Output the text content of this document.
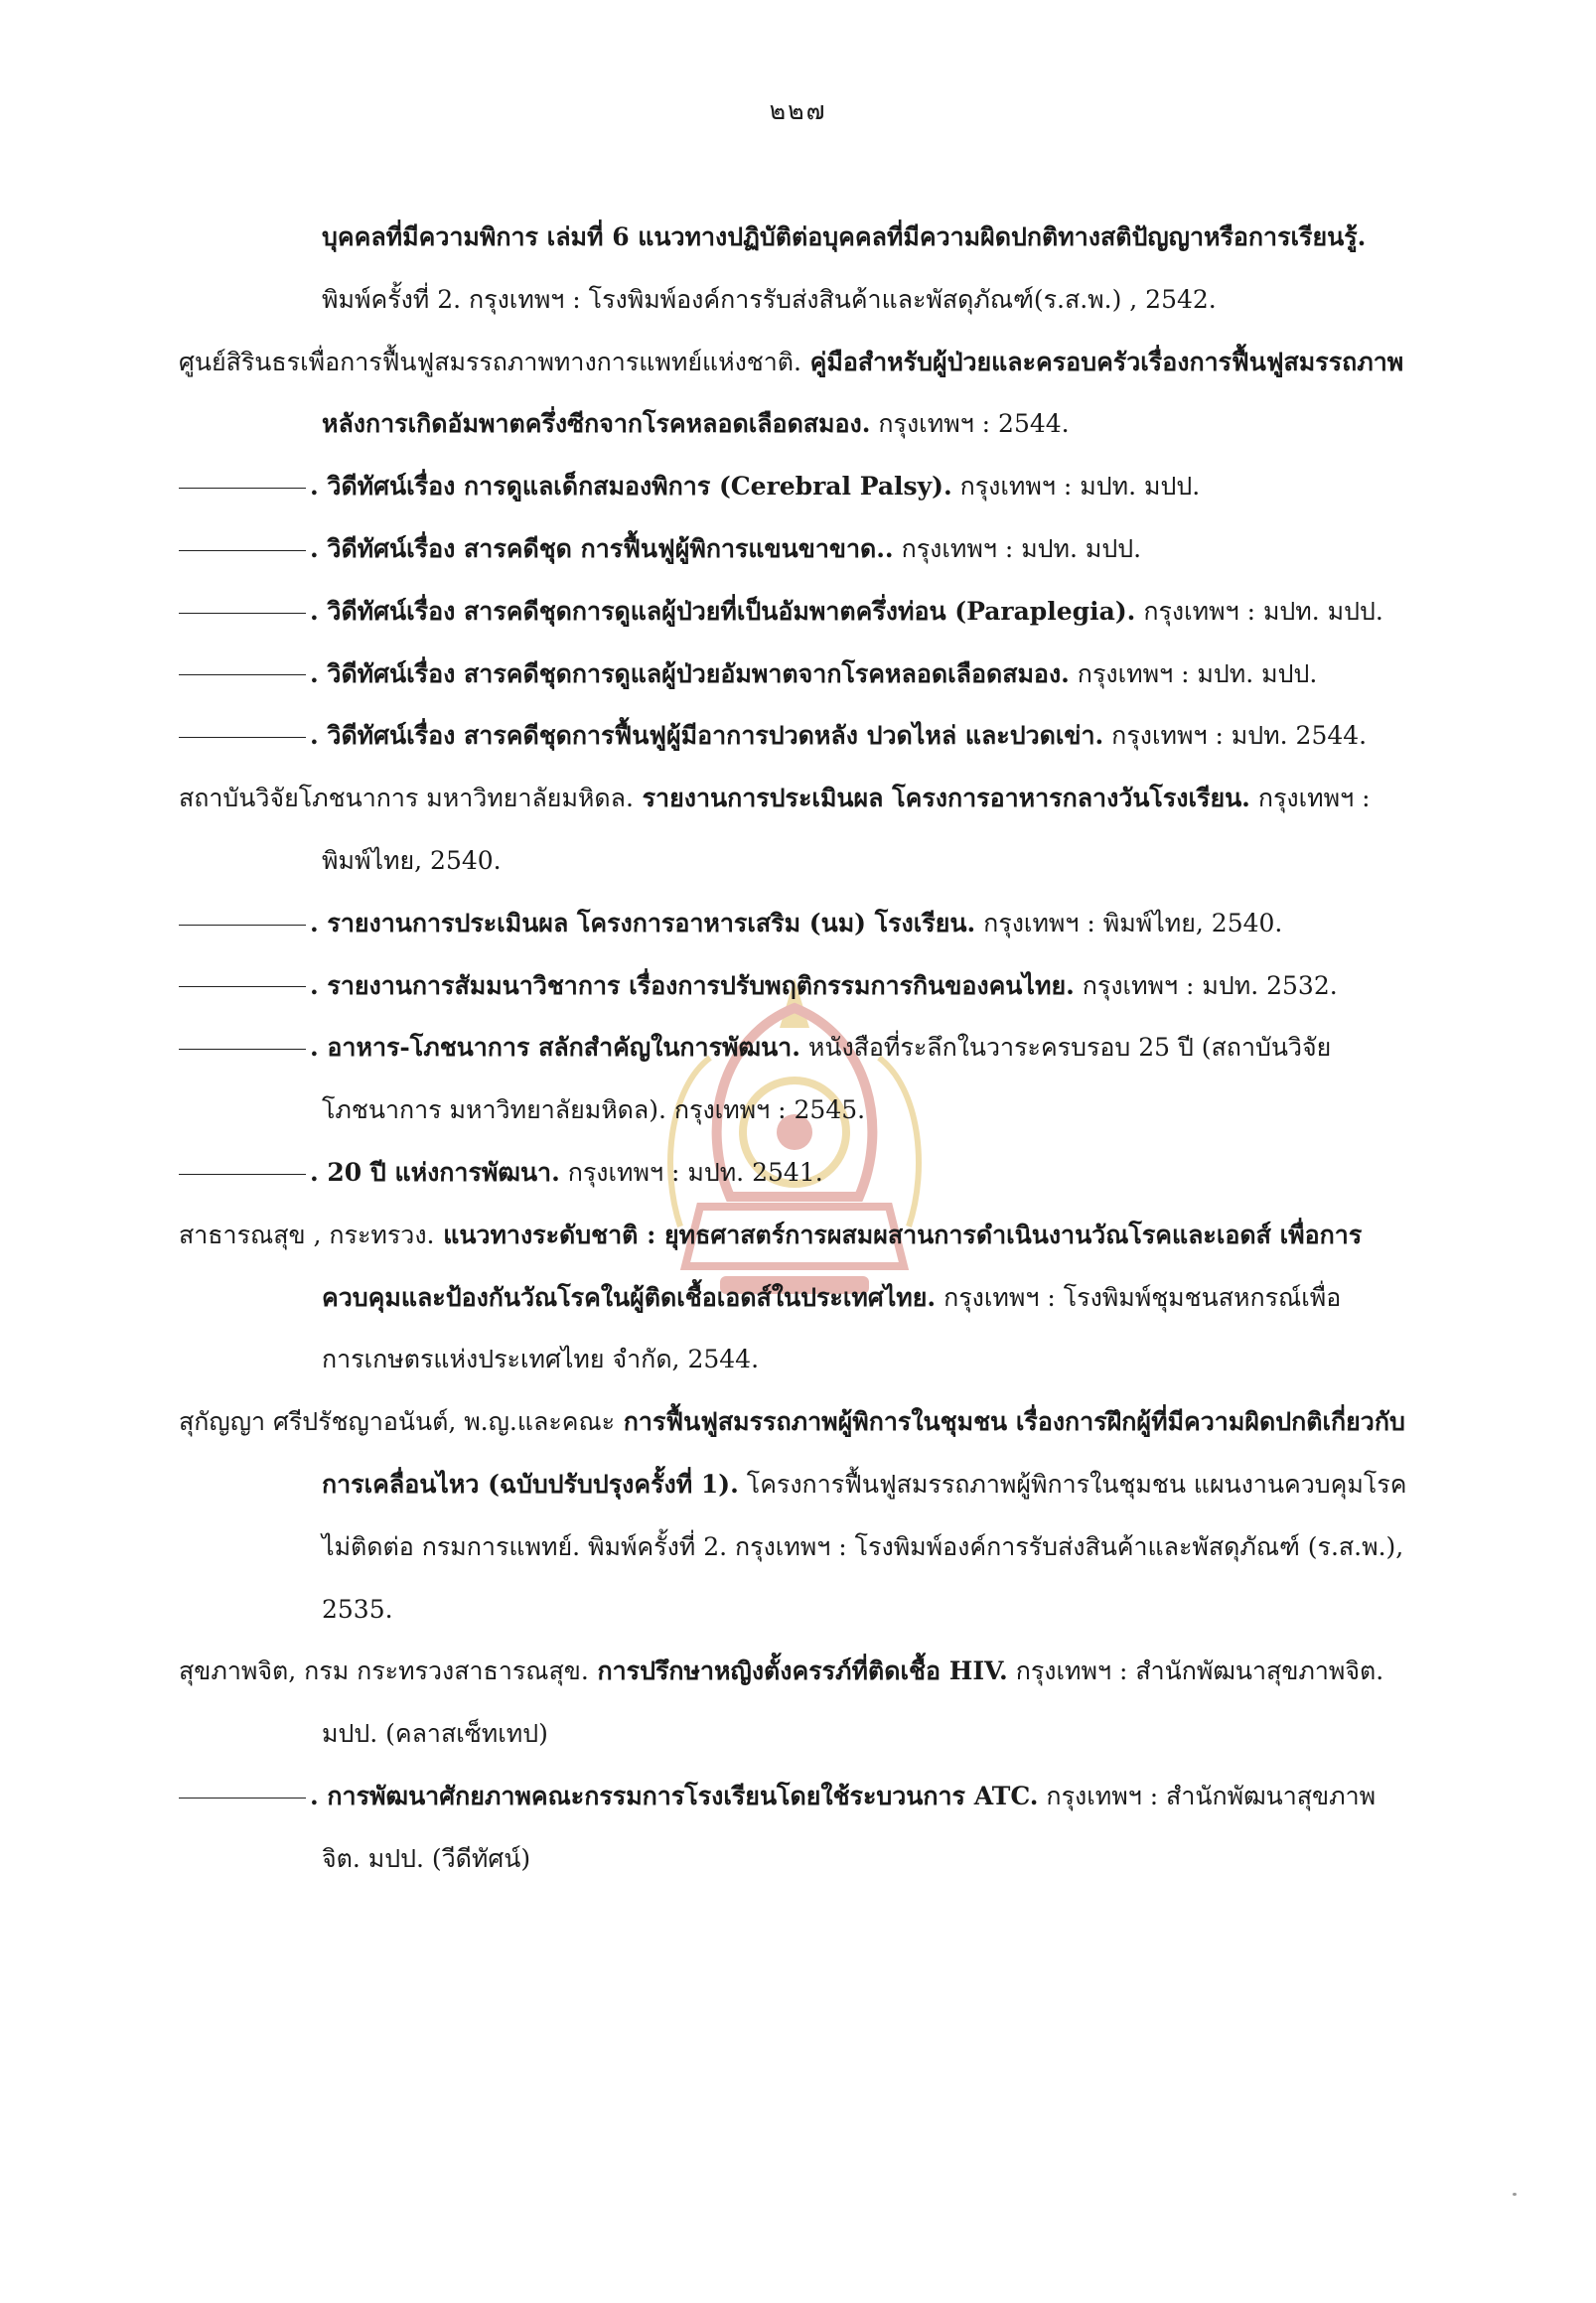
๒๒๗
บุคคลที่มีความพิการ เล่มที่ 6 แนวทางปฏิบัติต่อบุคคลที่มีความผิดปกติทางสติปัญญาหรือการเรียนรู้. พิมพ์ครั้งที่ 2. กรุงเทพฯ : โรงพิมพ์องค์การรับส่งสินค้าและพัสดุภัณฑ์(ร.ส.พ.) , 2542.
ศูนย์สิรินธรเพื่อการฟื้นฟูสมรรถภาพทางการแพทย์แห่งชาติ. คู่มือสำหรับผู้ป่วยและครอบครัวเรื่องการฟื้นฟูสมรรถภาพหลังการเกิดอัมพาตครึ่งซีกจากโรคหลอดเลือดสมอง. กรุงเทพฯ : 2544.
. วิดีทัศน์เรื่อง การดูแลเด็กสมองพิการ (Cerebral Palsy). กรุงเทพฯ : มปท. มปป.
. วิดีทัศน์เรื่อง สารคดีชุด การฟื้นฟูผู้พิการแขนขาขาด.. กรุงเทพฯ : มปท. มปป.
. วิดีทัศน์เรื่อง สารคดีชุดการดูแลผู้ป่วยที่เป็นอัมพาตครึ่งท่อน (Paraplegia). กรุงเทพฯ : มปท. มปป.
. วิดีทัศน์เรื่อง สารคดีชุดการดูแลผู้ป่วยอัมพาตจากโรคหลอดเลือดสมอง. กรุงเทพฯ : มปท. มปป.
. วิดีทัศน์เรื่อง สารคดีชุดการฟื้นฟูผู้มีอาการปวดหลัง ปวดไหล่ และปวดเข่า. กรุงเทพฯ : มปท. 2544.
สถาบันวิจัยโภชนาการ มหาวิทยาลัยมหิดล. รายงานการประเมินผล โครงการอาหารกลางวันโรงเรียน. กรุงเทพฯ : พิมพ์ไทย, 2540.
. รายงานการประเมินผล โครงการอาหารเสริม (นม) โรงเรียน. กรุงเทพฯ : พิมพ์ไทย, 2540.
. รายงานการสัมมนาวิชาการ เรื่องการปรับพฤติกรรมการกินของคนไทย. กรุงเทพฯ : มปท. 2532.
. อาหาร-โภชนาการ สลักสำคัญในการพัฒนา. หนังสือที่ระลึกในวาระครบรอบ 25 ปี (สถาบันวิจัยโภชนาการ มหาวิทยาลัยมหิดล). กรุงเทพฯ : 2545.
. 20 ปี แห่งการพัฒนา. กรุงเทพฯ : มปท. 2541.
สาธารณสุข , กระทรวง. แนวทางระดับชาติ : ยุทธศาสตร์การผสมผสานการดำเนินงานวัณโรคและเอดส์ เพื่อการควบคุมและป้องกันวัณโรคในผู้ติดเชื้อเอดส์ในประเทศไทย. กรุงเทพฯ : โรงพิมพ์ชุมชนสหกรณ์เพื่อการเกษตรแห่งประเทศไทย จำกัด, 2544.
สุกัญญา ศรีปรัชญาอนันต์, พ.ญ.และคณะ การฟื้นฟูสมรรถภาพผู้พิการในชุมชน เรื่องการฝึกผู้ที่มีความผิดปกติเกี่ยวกับการเคลื่อนไหว (ฉบับปรับปรุงครั้งที่ 1). โครงการฟื้นฟูสมรรถภาพผู้พิการในชุมชน แผนงานควบคุมโรคไม่ติดต่อ กรมการแพทย์. พิมพ์ครั้งที่ 2. กรุงเทพฯ : โรงพิมพ์องค์การรับส่งสินค้าและพัสดุภัณฑ์ (ร.ส.พ.), 2535.
สุขภาพจิต, กรม กระทรวงสาธารณสุข. การปรึกษาหญิงตั้งครรภ์ที่ติดเชื้อ HIV. กรุงเทพฯ : สำนักพัฒนาสุขภาพจิต. มปป. (คลาสเซ็ทเทป)
. การพัฒนาศักยภาพคณะกรรมการโรงเรียนโดยใช้ระบวนการ ATC. กรุงเทพฯ : สำนักพัฒนาสุขภาพจิต. มปป. (วีดีทัศน์)
